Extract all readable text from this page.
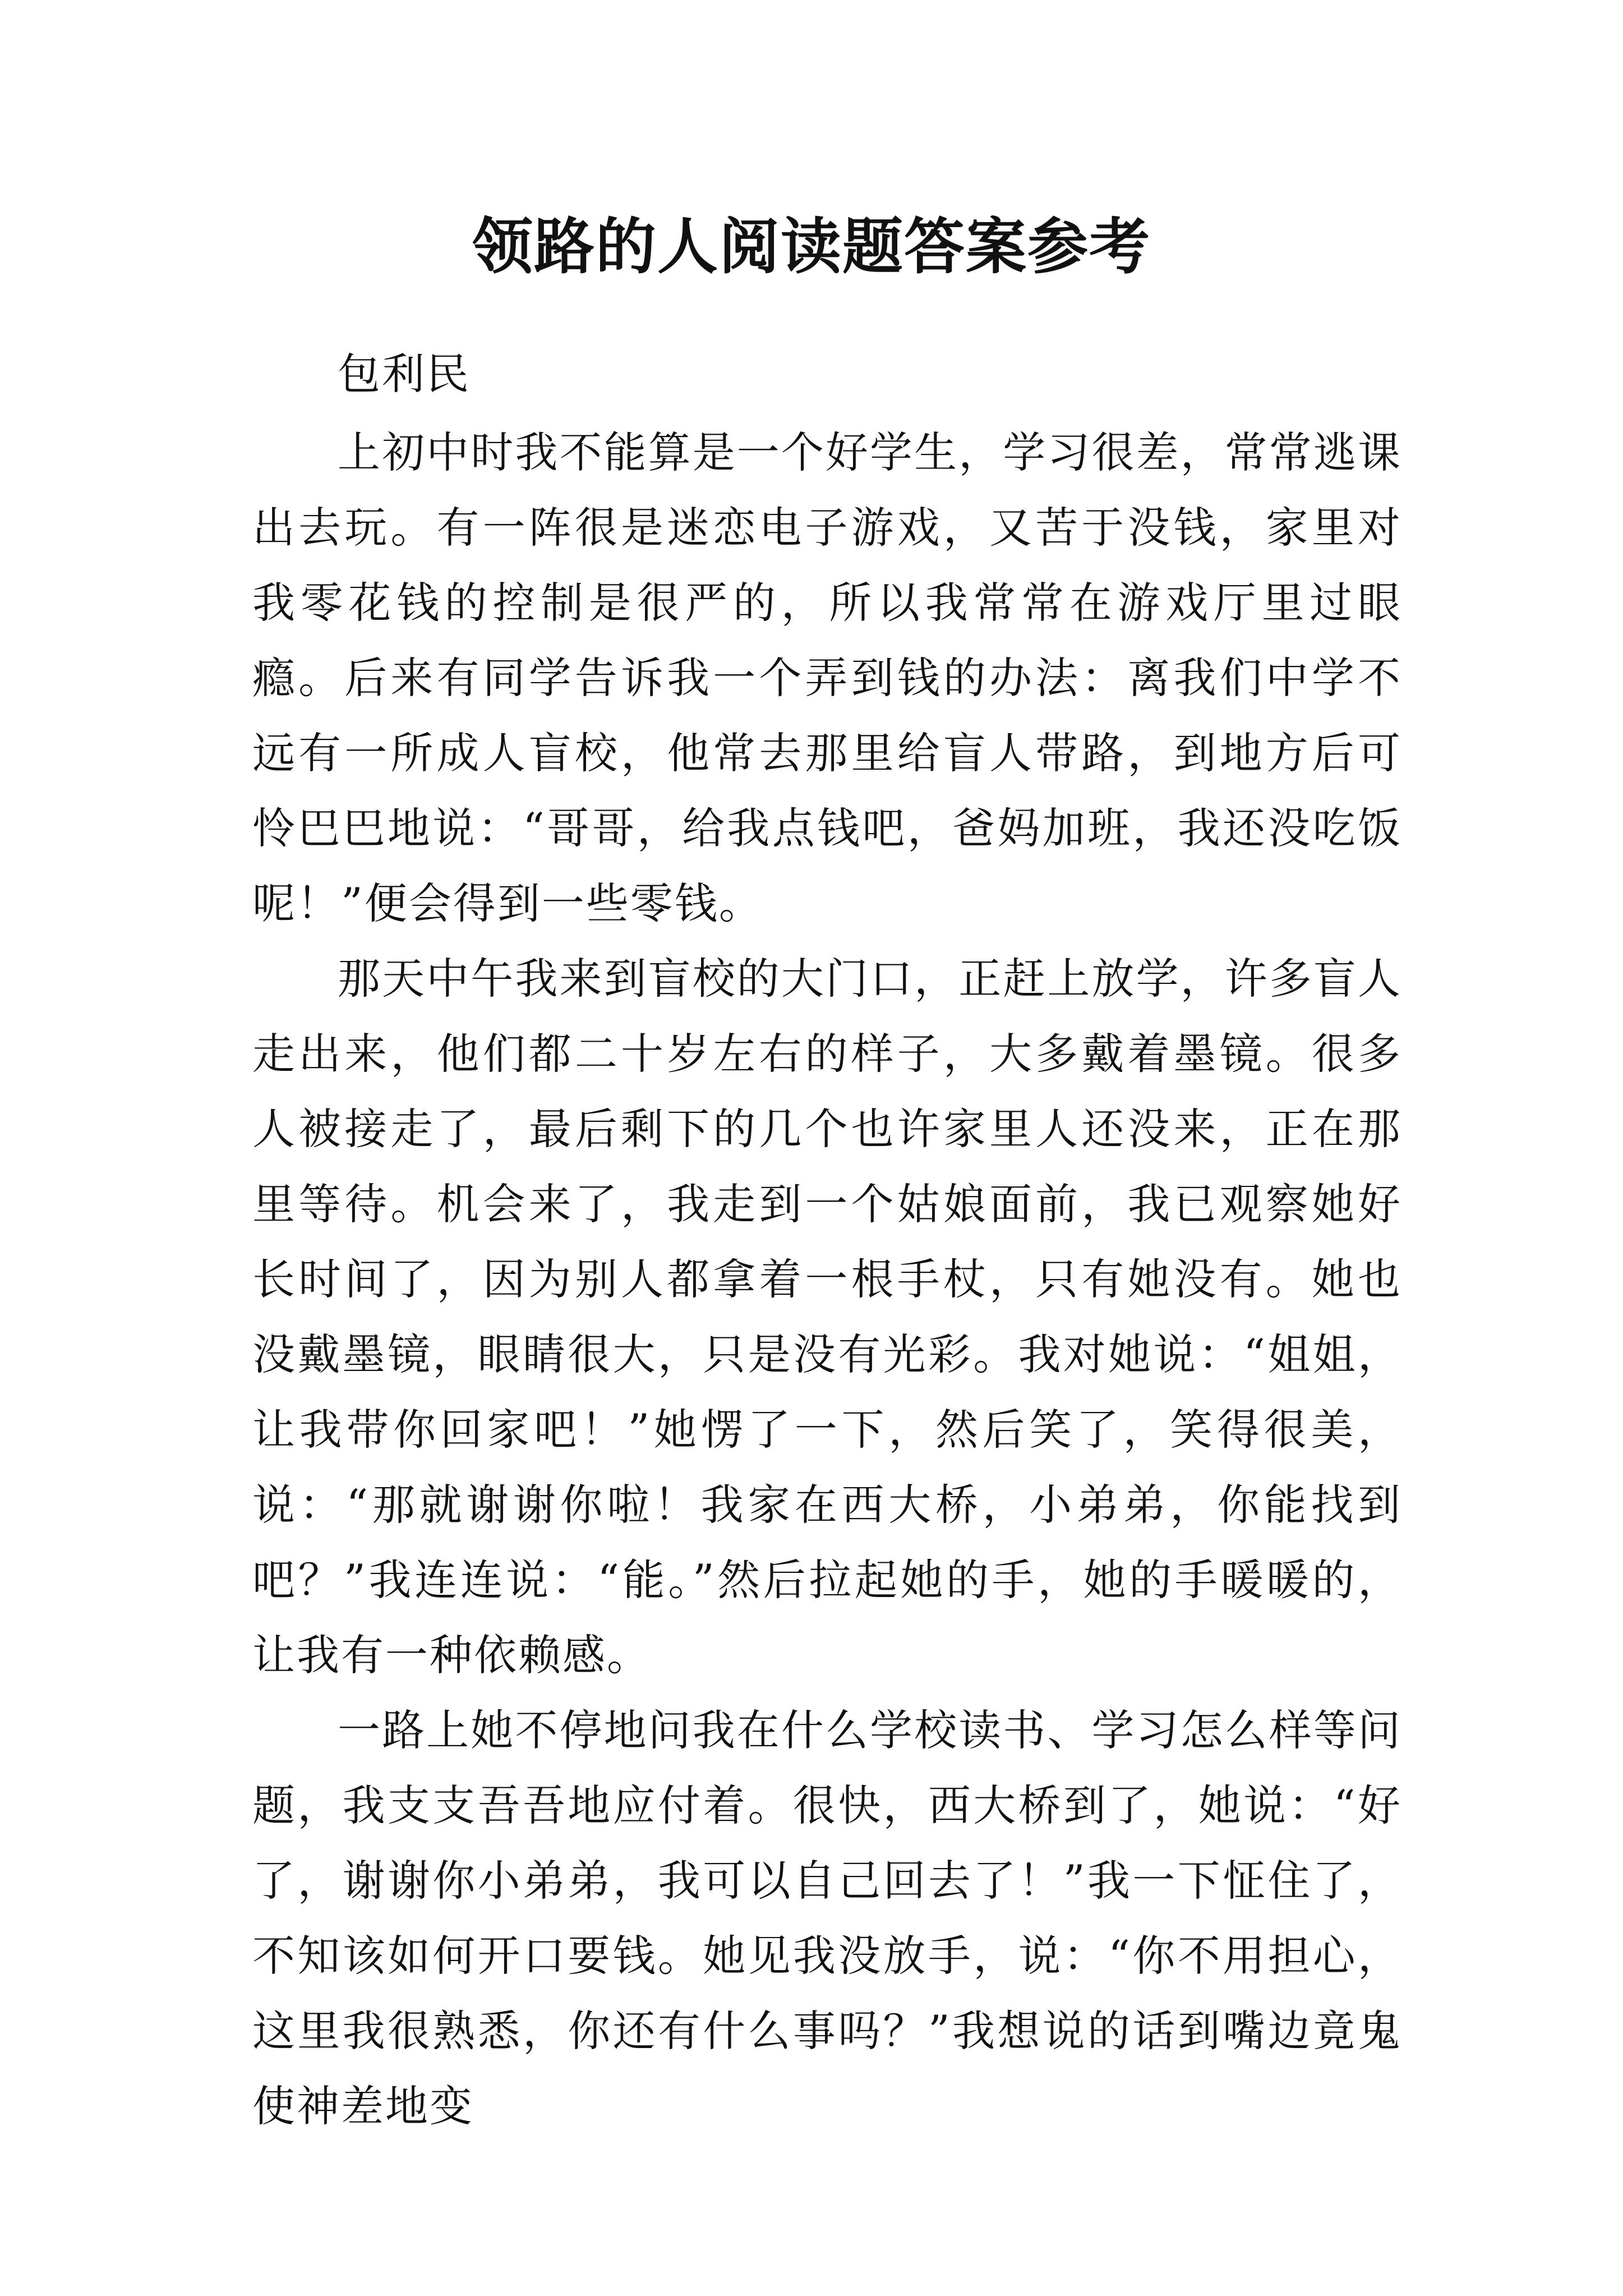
领路的人阅读题答案参考

包利民

上初中时我不能算是一个好学生，学习很差，常常逃课出去玩。有一阵很是迷恋电子游戏，又苦于没钱，家里对我零花钱的控制是很严的，所以我常常在游戏厅里过眼瘾。后来有同学告诉我一个弄到钱的办法：离我们中学不远有一所成人盲校，他常去那里给盲人带路，到地方后可怜巴巴地说：“哥哥，给我点钱吧，爸妈加班，我还没吃饭呢！”便会得到一些零钱。

那天中午我来到盲校的大门口，正赶上放学，许多盲人走出来，他们都二十岁左右的样子，大多戴着墨镜。很多人被接走了，最后剩下的几个也许家里人还没来，正在那里等待。机会来了，我走到一个姑娘面前，我已观察她好长时间了，因为别人都拿着一根手杖，只有她没有。她也没戴墨镜，眼睛很大，只是没有光彩。我对她说：“姐姐，让我带你回家吧！”她愣了一下，然后笑了，笑得很美，说：“那就谢谢你啦！我家在西大桥，小弟弟，你能找到吧？”我连连说：“能。”然后拉起她的手，她的手暖暖的，让我有一种依赖感。

一路上她不停地问我在什么学校读书、学习怎么样等问题，我支支吾吾地应付着。很快，西大桥到了，她说：“好了，谢谢你小弟弟，我可以自己回去了！”我一下怔住了，不知该如何开口要钱。她见我没放手，说：“你不用担心，这里我很熟悉，你还有什么事吗？”我想说的话到嘴边竟鬼使神差地变
